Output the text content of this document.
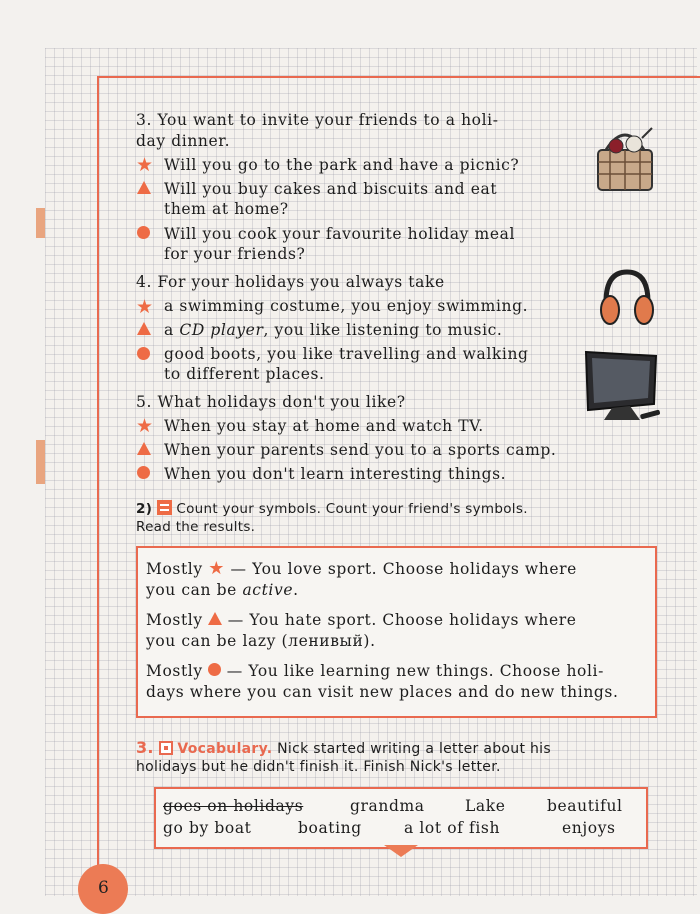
3. You want to invite your friends to a holi-
day dinner.
★ Will you go to the park and have a picnic?
Will you buy cakes and biscuits and eat
them at home?
Will you cook your favourite holiday meal
for your friends?
4. For your holidays you always take
★ a swimming costume, you enjoy swimming.
a CD player, you like listening to music.
good boots, you like travelling and walking
to different places.
5. What holidays don't you like?
★ When you stay at home and watch TV.
When your parents send you to a sports camp.
When you don't learn interesting things.
2) Count your symbols. Count your friend's symbols.
Read the results.
Mostly ★ — You love sport. Choose holidays where
you can be active.
Mostly — You hate sport. Choose holidays where
you can be lazy (ленивый).
Mostly — You like learning new things. Choose holi-
days where you can visit new places and do new things.
3. Vocabulary. Nick started writing a letter about his
holidays but he didn't finish it. Finish Nick's letter.
goes on holidays	grandma	Lake	beautiful
go by boat	boating	a lot of fish	enjoys
6
